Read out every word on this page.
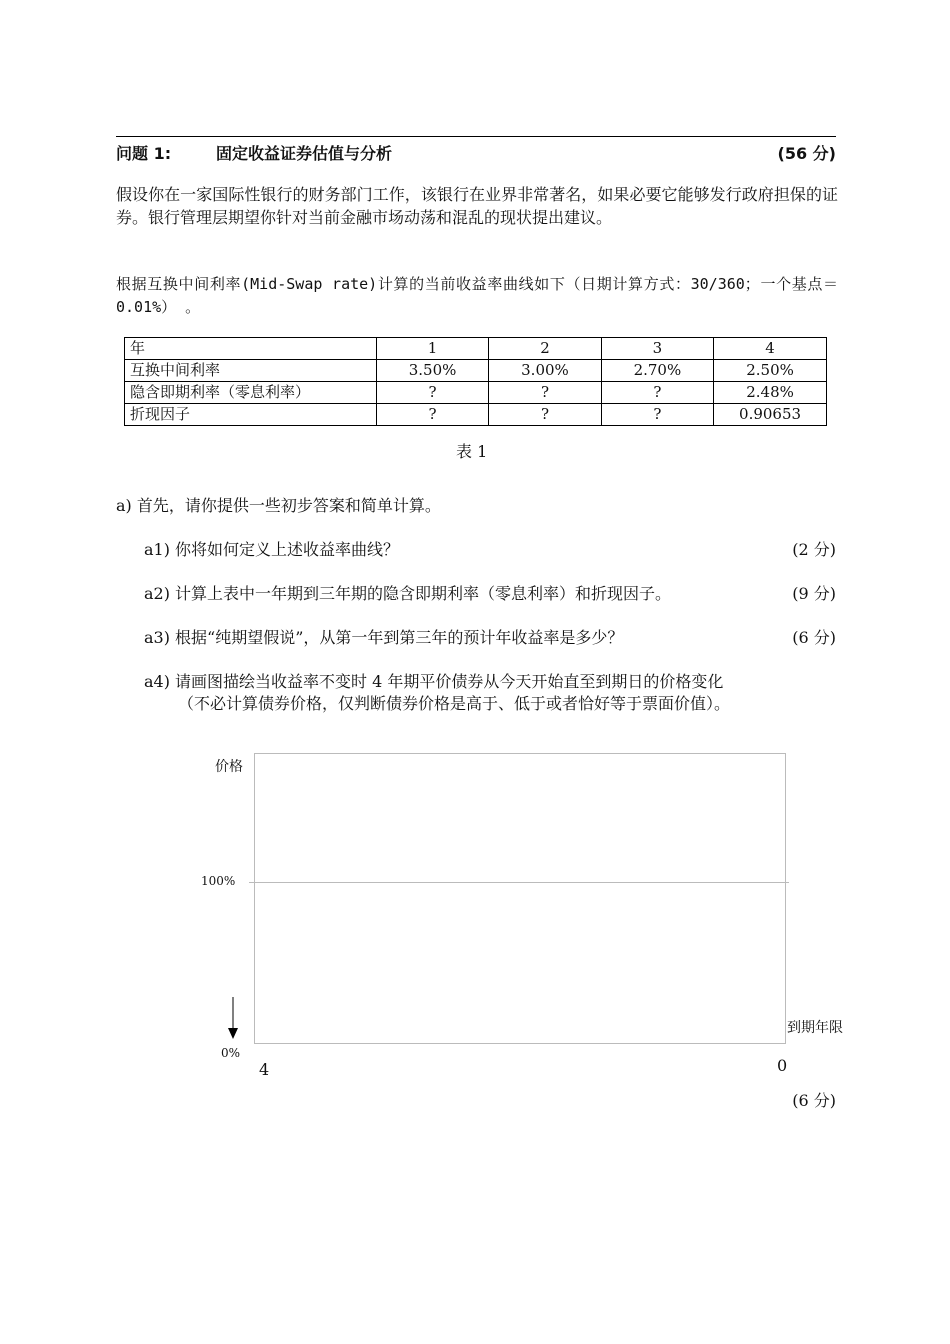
问题 1:	固定收益证券估值与分析	(56 分)
假设你在一家国际性银行的财务部门工作，该银行在业界非常著名，如果必要它能够发行政府担保的证券。银行管理层期望你针对当前金融市场动荡和混乱的现状提出建议。
根据互换中间利率(Mid-Swap rate)计算的当前收益率曲线如下（日期计算方式：30/360；一个基点＝0.01%） 。
年	1	2	3	4
互换中间利率	3.50%	3.00%	2.70%	2.50%
隐含即期利率（零息利率）	?	?	?	2.48%
折现因子	?	?	?	0.90653
表 1
a) 首先，请你提供一些初步答案和简单计算。
a1) 你将如何定义上述收益率曲线？	(2 分)
a2) 计算上表中一年期到三年期的隐含即期利率（零息利率）和折现因子。	(9 分)
a3) 根据“纯期望假说”，从第一年到第三年的预计年收益率是多少？	(6 分)
a4) 请画图描绘当收益率不变时 4 年期平价债券从今天开始直至到期日的价格变化
（不必计算债券价格，仅判断债券价格是高于、低于或者恰好等于票面价值）。
价格
100%
0%
到期年限
4	0
(6 分)
